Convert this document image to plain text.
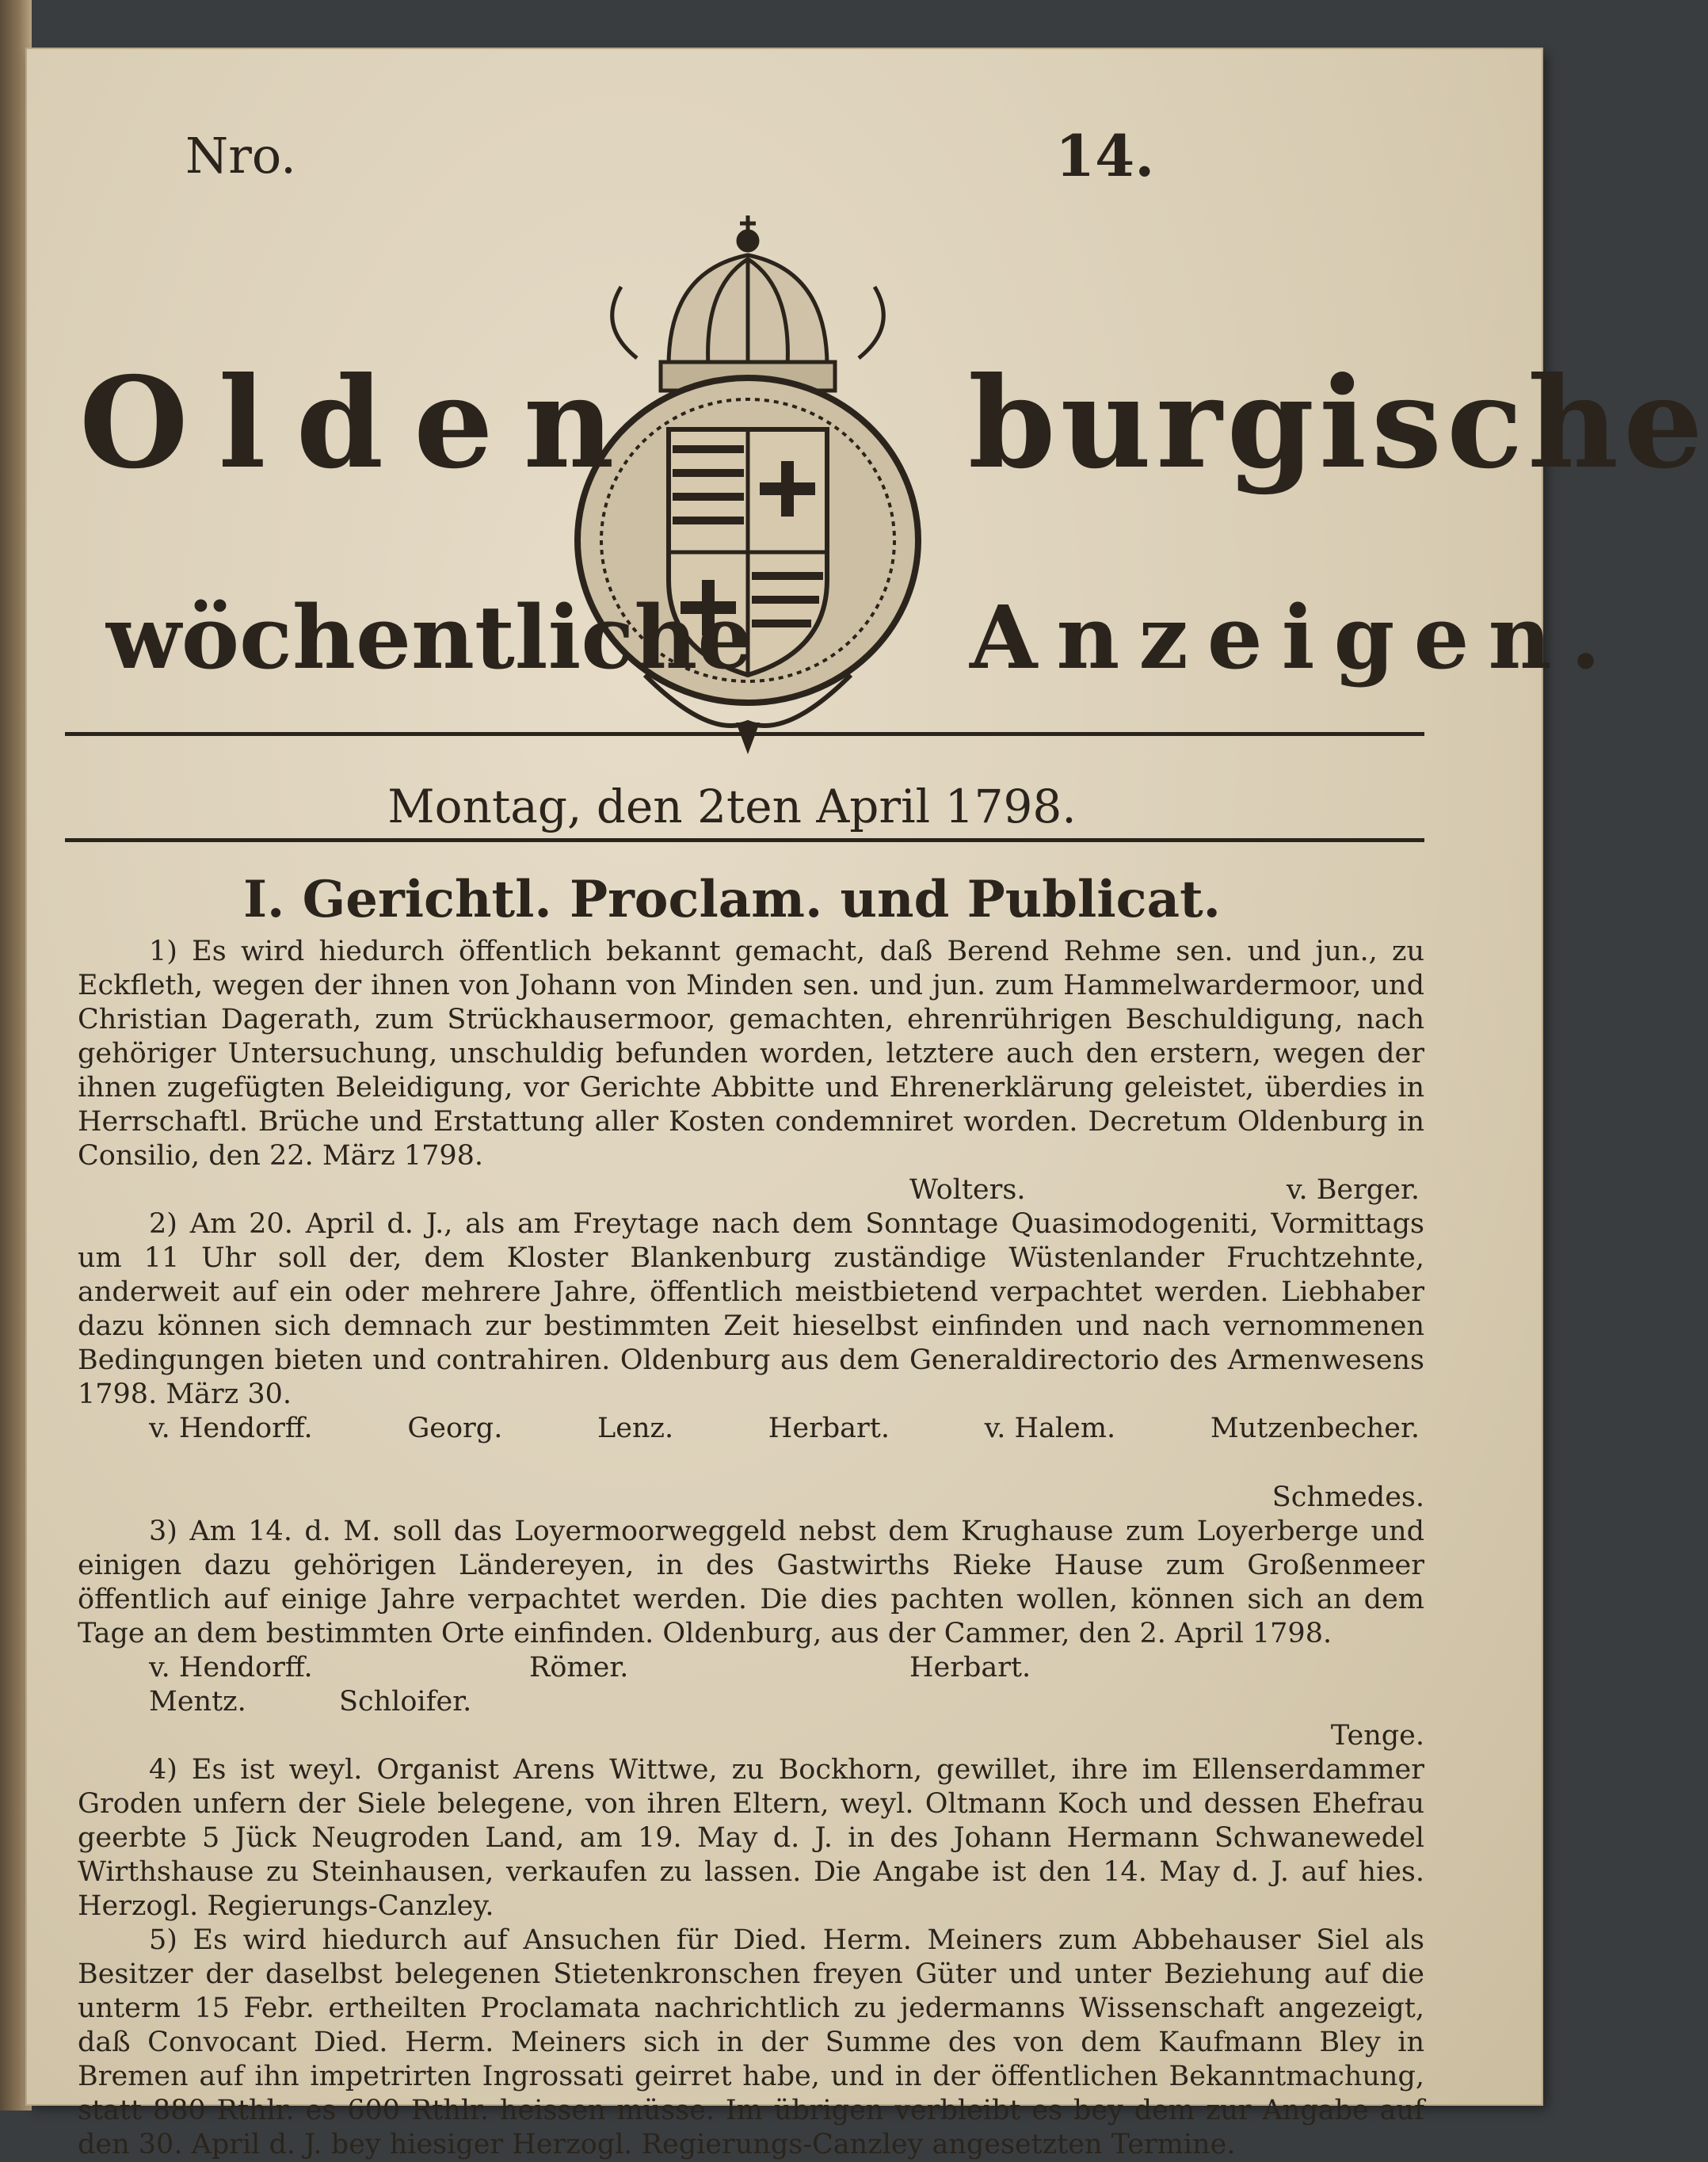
Nro.	14.
Olden	burgische
wöchentliche Anzeigen.
Montag, den 2ten April 1798.
I. Gerichtl. Proclam. und Publicat.

1) Es wird hiedurch öffentlich bekannt gemacht, daß Berend Rehme sen. und jun., zu Eckfleth, wegen der ihnen von Johann von Minden sen. und jun. zum Hammelwardermoor, und Christian Dagerath, zum Strückhausermoor, gemachten, ehrenrührigen Beschuldigung, nach gehöriger Untersuchung, unschuldig befunden worden, letztere auch den erstern, wegen der ihnen zugefügten Beleidigung, vor Gerichte Abbitte und Ehrenerklärung geleistet, überdies in Herrschaftl. Brüche und Erstattung aller Kosten condemniret worden. Decretum Oldenburg in Consilio, den 22. März 1798.

Wolters.	v. Berger.

2) Am 20. April d. J., als am Freytage nach dem Sonntage Quasimodogeniti, Vormittags um 11 Uhr soll der, dem Kloster Blankenburg zuständige Wüstenlander Fruchtzehnte, anderweit auf ein oder mehrere Jahre, öffentlich meistbietend verpachtet werden. Liebhaber dazu können sich demnach zur bestimmten Zeit hieselbst einfinden und nach vernommenen Bedingungen bieten und contrahiren. Oldenburg aus dem Generaldirectorio des Armenwesens 1798. März 30.

v. Hendorff.	Georg.	Lenz.	Herbart.	v. Halem.	Mutzenbecher.

Schmedes.

3) Am 14. d. M. soll das Loyermoorweggeld nebst dem Krughause zum Loyerberge und einigen dazu gehörigen Ländereyen, in des Gastwirths Rieke Hause zum Großenmeer öffentlich auf einige Jahre verpachtet werden. Die dies pachten wollen, können sich an dem Tage an dem bestimmten Orte einfinden. Oldenburg, aus der Cammer, den 2. April 1798.

v. Hendorff.	Römer.	Herbart.
Mentz.	Schloifer.

Tenge.

4) Es ist weyl. Organist Arens Wittwe, zu Bockhorn, gewillet, ihre im Ellenserdammer Groden unfern der Siele belegene, von ihren Eltern, weyl. Oltmann Koch und dessen Ehefrau geerbte 5 Jück Neugroden Land, am 19. May d. J. in des Johann Hermann Schwanewedel Wirthshause zu Steinhausen, verkaufen zu lassen. Die Angabe ist den 14. May d. J. auf hies. Herzogl. Regierungs-Canzley.

5) Es wird hiedurch auf Ansuchen für Died. Herm. Meiners zum Abbehauser Siel als Besitzer der daselbst belegenen Stietenkronschen freyen Güter und unter Beziehung auf die unterm 15 Febr. ertheilten Proclamata nachrichtlich zu jedermanns Wissenschaft angezeigt, daß Convocant Died. Herm. Meiners sich in der Summe des von dem Kaufmann Bley in Bremen auf ihn impetrirten Ingrossati geirret habe, und in der öffentlichen Bekanntmachung, statt 880 Rthlr. es 600 Rthlr. heissen müsse. Im übrigen verbleibt es bey dem zur Angabe auf den 30. April d. J. bey hiesiger Herzogl. Regierungs-Canzley angesetzten Termine.
